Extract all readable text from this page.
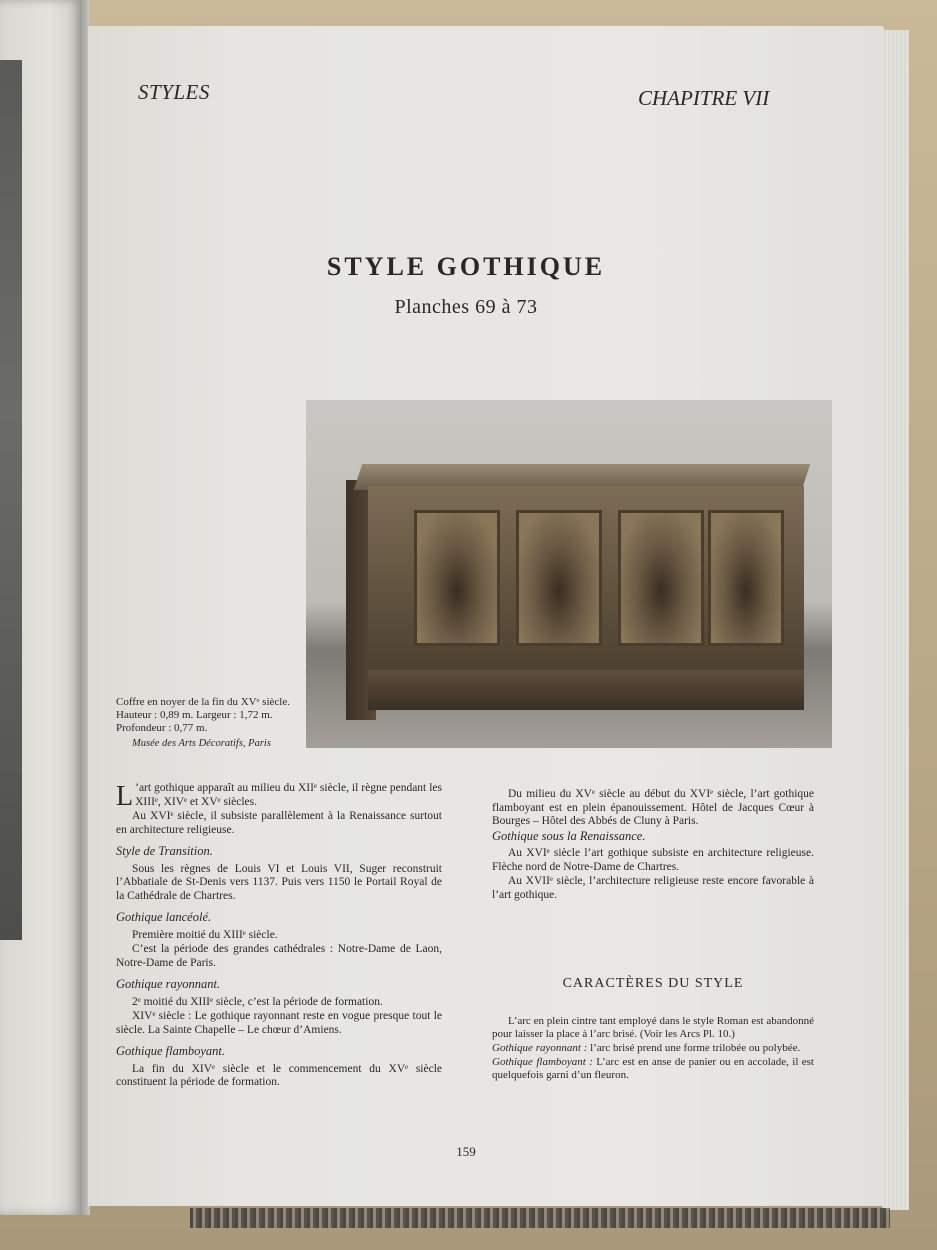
STYLES	CHAPITRE VII
STYLE GOTHIQUE
Planches 69 à 73
Coffre en noyer de la fin du XVᵉ siècle.
Hauteur : 0,89 m. Largeur : 1,72 m.
Profondeur : 0,77 m.
Musée des Arts Décoratifs, Paris

L ’art gothique apparaît au milieu du XIIᵉ siècle, il règne pendant les XIIIᵉ, XIVᵉ et XVᵉ siècles.

Au XVIᵉ siècle, il subsiste parallèlement à la Renaissance surtout en architecture religieuse.

Style de Transition.

Sous les règnes de Louis VI et Louis VII, Suger reconstruit l’Abbatiale de St-Denis vers 1137. Puis vers 1150 le Portail Royal de la Cathédrale de Chartres.

Gothique lancéolé.

Première moitié du XIIIᵉ siècle.

C’est la période des grandes cathédrales : Notre-Dame de Laon, Notre-Dame de Paris.

Gothique rayonnant.

2ᵉ moitié du XIIIᵉ siècle, c’est la période de formation.

XIVᵉ siècle : Le gothique rayonnant reste en vogue presque tout le siècle. La Sainte Chapelle – Le chœur d’Amiens.

Gothique flamboyant.

La fin du XIVᵉ siècle et le commencement du XVᵉ siècle constituent la période de formation.

Du milieu du XVᵉ siècle au début du XVIᵉ siècle, l’art gothique flamboyant est en plein épanouissement. Hôtel de Jacques Cœur à Bourges – Hôtel des Abbés de Cluny à Paris.

Gothique sous la Renaissance.

Au XVIᵉ siècle l’art gothique subsiste en architecture religieuse. Flèche nord de Notre-Dame de Chartres.

Au XVIIᵉ siècle, l’architecture religieuse reste encore favorable à l’art gothique.

CARACTÈRES DU STYLE

L’arc en plein cintre tant employé dans le style Roman est abandonné pour laisser la place à l’arc brisé. (Voir les Arcs Pl. 10.)

Gothique rayonnant : l’arc brisé prend une forme trilobée ou polybée.

Gothique flamboyant : L’arc est en anse de panier ou en accolade, il est quelquefois garni d’un fleuron.

159
